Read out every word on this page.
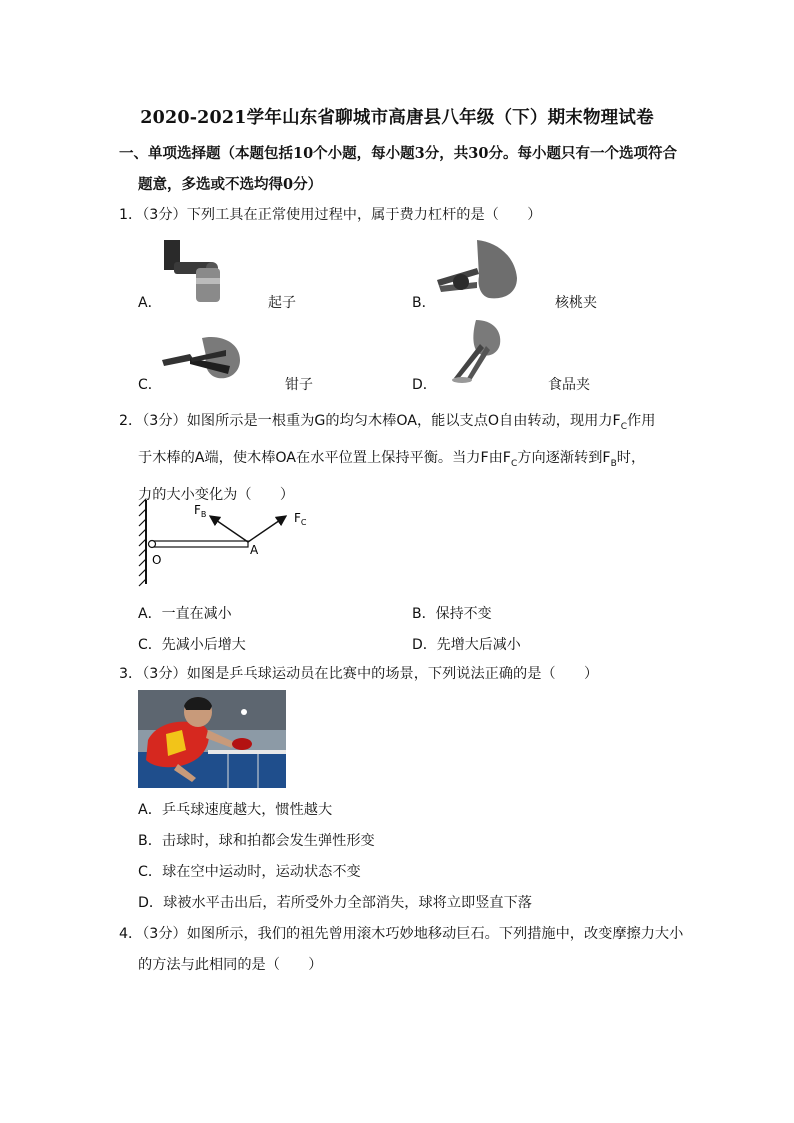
2020-2021学年山东省聊城市高唐县八年级（下）期末物理试卷
一、单项选择题（本题包括10个小题，每小题3分，共30分。每小题只有一个选项符合
题意，多选或不选均得0分）
1．（3分）下列工具在正常使用过程中，属于费力杠杆的是（　　）
A．	起子	B．	核桃夹
C．	钳子	D．	食品夹
2．（3分）如图所示是一根重为G的均匀木棒OA，能以支点O自由转动，现用力$F_C$作用
于木棒的A端，使木棒OA在水平位置上保持平衡。当力F由$F_C$方向逐渐转到$F_B$时，
力的大小变化为（　　）
$F_B$	$F_C$
O
A
A．一直在减小	B．保持不变
C．先减小后增大	D．先增大后减小
3．（3分）如图是乒乓球运动员在比赛中的场景，下列说法正确的是（　　）
A．乒乓球速度越大，惯性越大
B．击球时，球和拍都会发生弹性形变
C．球在空中运动时，运动状态不变
D．球被水平击出后，若所受外力全部消失，球将立即竖直下落
4．（3分）如图所示，我们的祖先曾用滚木巧妙地移动巨石。下列措施中，改变摩擦力大小
的方法与此相同的是（　　）
